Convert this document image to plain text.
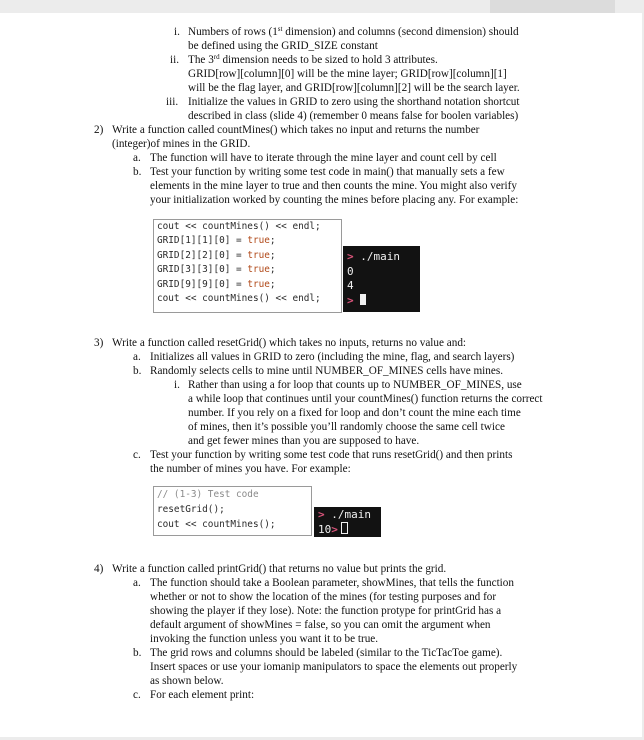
i. Numbers of rows (1st dimension) and columns (second dimension) should
be defined using the GRID_SIZE constant
ii. The 3rd dimension needs to be sized to hold 3 attributes.
GRID[row][column][0] will be the mine layer; GRID[row][column][1]
will be the flag layer, and GRID[row][column][2] will be the search layer.
iii. Initialize the values in GRID to zero using the shorthand notation shortcut
described in class (slide 4) (remember 0 means false for boolen variables)
2) Write a function called countMines() which takes no input and returns the number
(integer)of mines in the GRID.
a. The function will have to iterate through the mine layer and count cell by cell
b. Test your function by writing some test code in main() that manually sets a few
elements in the mine layer to true and then counts the mine. You might also verify
your initialization worked by counting the mines before placing any. For example:
cout << countMines() << endl;
GRID[1][1][0] = true;
GRID[2][2][0] = true;
GRID[3][3][0] = true;
GRID[9][9][0] = true;
cout << countMines() << endl;
> ./main
0
4
>
3) Write a function called resetGrid() which takes no inputs, returns no value and:
a. Initializes all values in GRID to zero (including the mine, flag, and search layers)
b. Randomly selects cells to mine until NUMBER_OF_MINES cells have mines.
i. Rather than using a for loop that counts up to NUMBER_OF_MINES, use
a while loop that continues until your countMines() function returns the correct
number. If you rely on a fixed for loop and don’t count the mine each time
of mines, then it’s possible you’ll randomly choose the same cell twice
and get fewer mines than you are supposed to have.
c. Test your function by writing some test code that runs resetGrid() and then prints
the number of mines you have. For example:
// (1-3) Test code
resetGrid();
cout << countMines();
> ./main
10>
4) Write a function called printGrid() that returns no value but prints the grid.
a. The function should take a Boolean parameter, showMines, that tells the function
whether or not to show the location of the mines (for testing purposes and for
showing the player if they lose). Note: the function protype for printGrid has a
default argument of showMines = false, so you can omit the argument when
invoking the function unless you want it to be true.
b. The grid rows and columns should be labeled (similar to the TicTacToe game).
Insert spaces or use your iomanip manipulators to space the elements out properly
as shown below.
c. For each element print:
